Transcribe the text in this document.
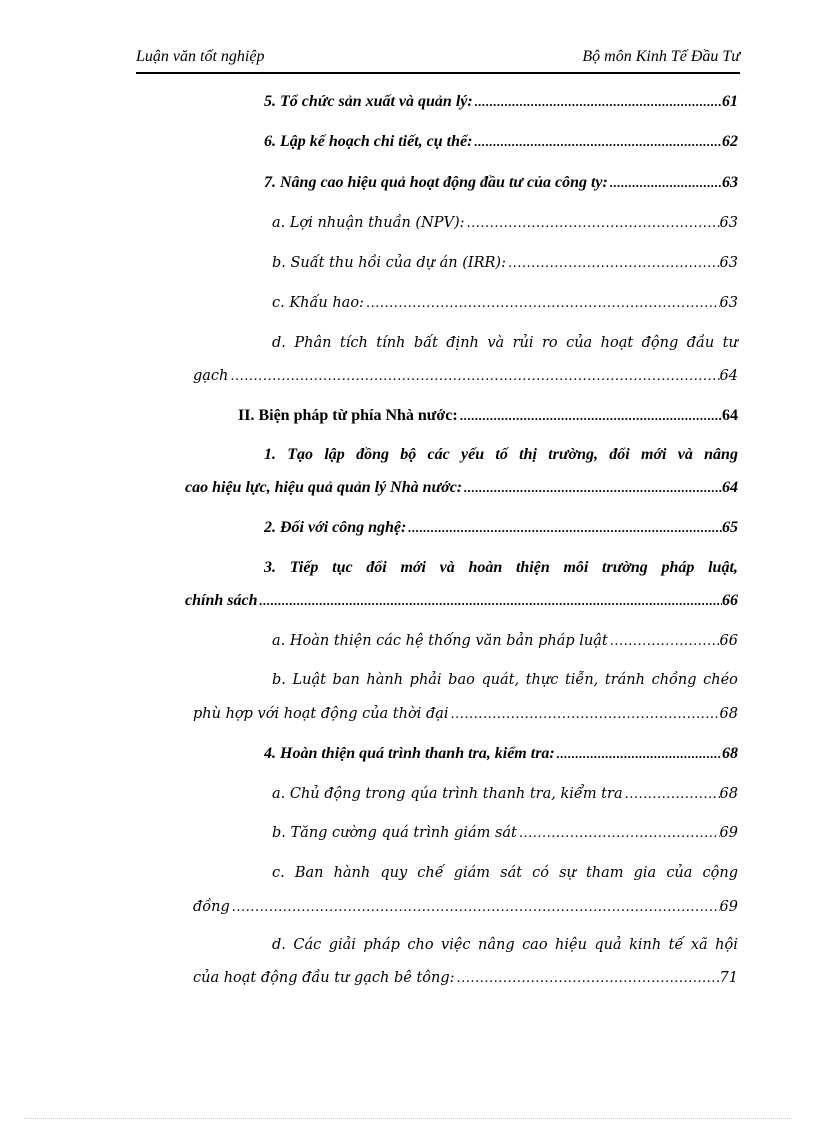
Luận văn tốt nghiệp	Bộ môn Kinh Tế Đầu Tư
5. Tổ chức sản xuất và quản lý: .....	61
6. Lập kế hoạch chi tiết, cụ thể: .....	62
7. Nâng cao hiệu quả hoạt động đầu tư của công ty: .....	63
a. Lợi nhuận thuần (NPV): .....	63
b. Suất thu hồi của dự án (IRR): .....	63
c. Khấu hao: .....	63
d. Phân tích tính bất định và rủi ro của hoạt động đầu tư
gạch .....	64
II. Biện pháp từ phía Nhà nước: .....	64
1. Tạo lập đồng bộ các yếu tố thị trường, đổi mới và nâng
cao hiệu lực, hiệu quả quản lý Nhà nước: .....	64
2. Đối với công nghệ: .....	65
3. Tiếp tục đổi mới và hoàn thiện môi trường pháp luật,
chính sách .....	66
a. Hoàn thiện các hệ thống văn bản pháp luật .....	66
b. Luật ban hành phải bao quát, thực tiễn, tránh chồng chéo
phù hợp với hoạt động của thời đại .....	68
4. Hoàn thiện quá trình thanh tra, kiểm tra: .....	68
a. Chủ động trong qúa trình thanh tra, kiểm tra .....	68
b. Tăng cường quá trình giám sát .....	69
c. Ban hành quy chế giám sát có sự tham gia của cộng
đồng .....	69
d. Các giải pháp cho việc nâng cao hiệu quả kinh tế xã hội
của hoạt động đầu tư gạch bê tông: .....	71
